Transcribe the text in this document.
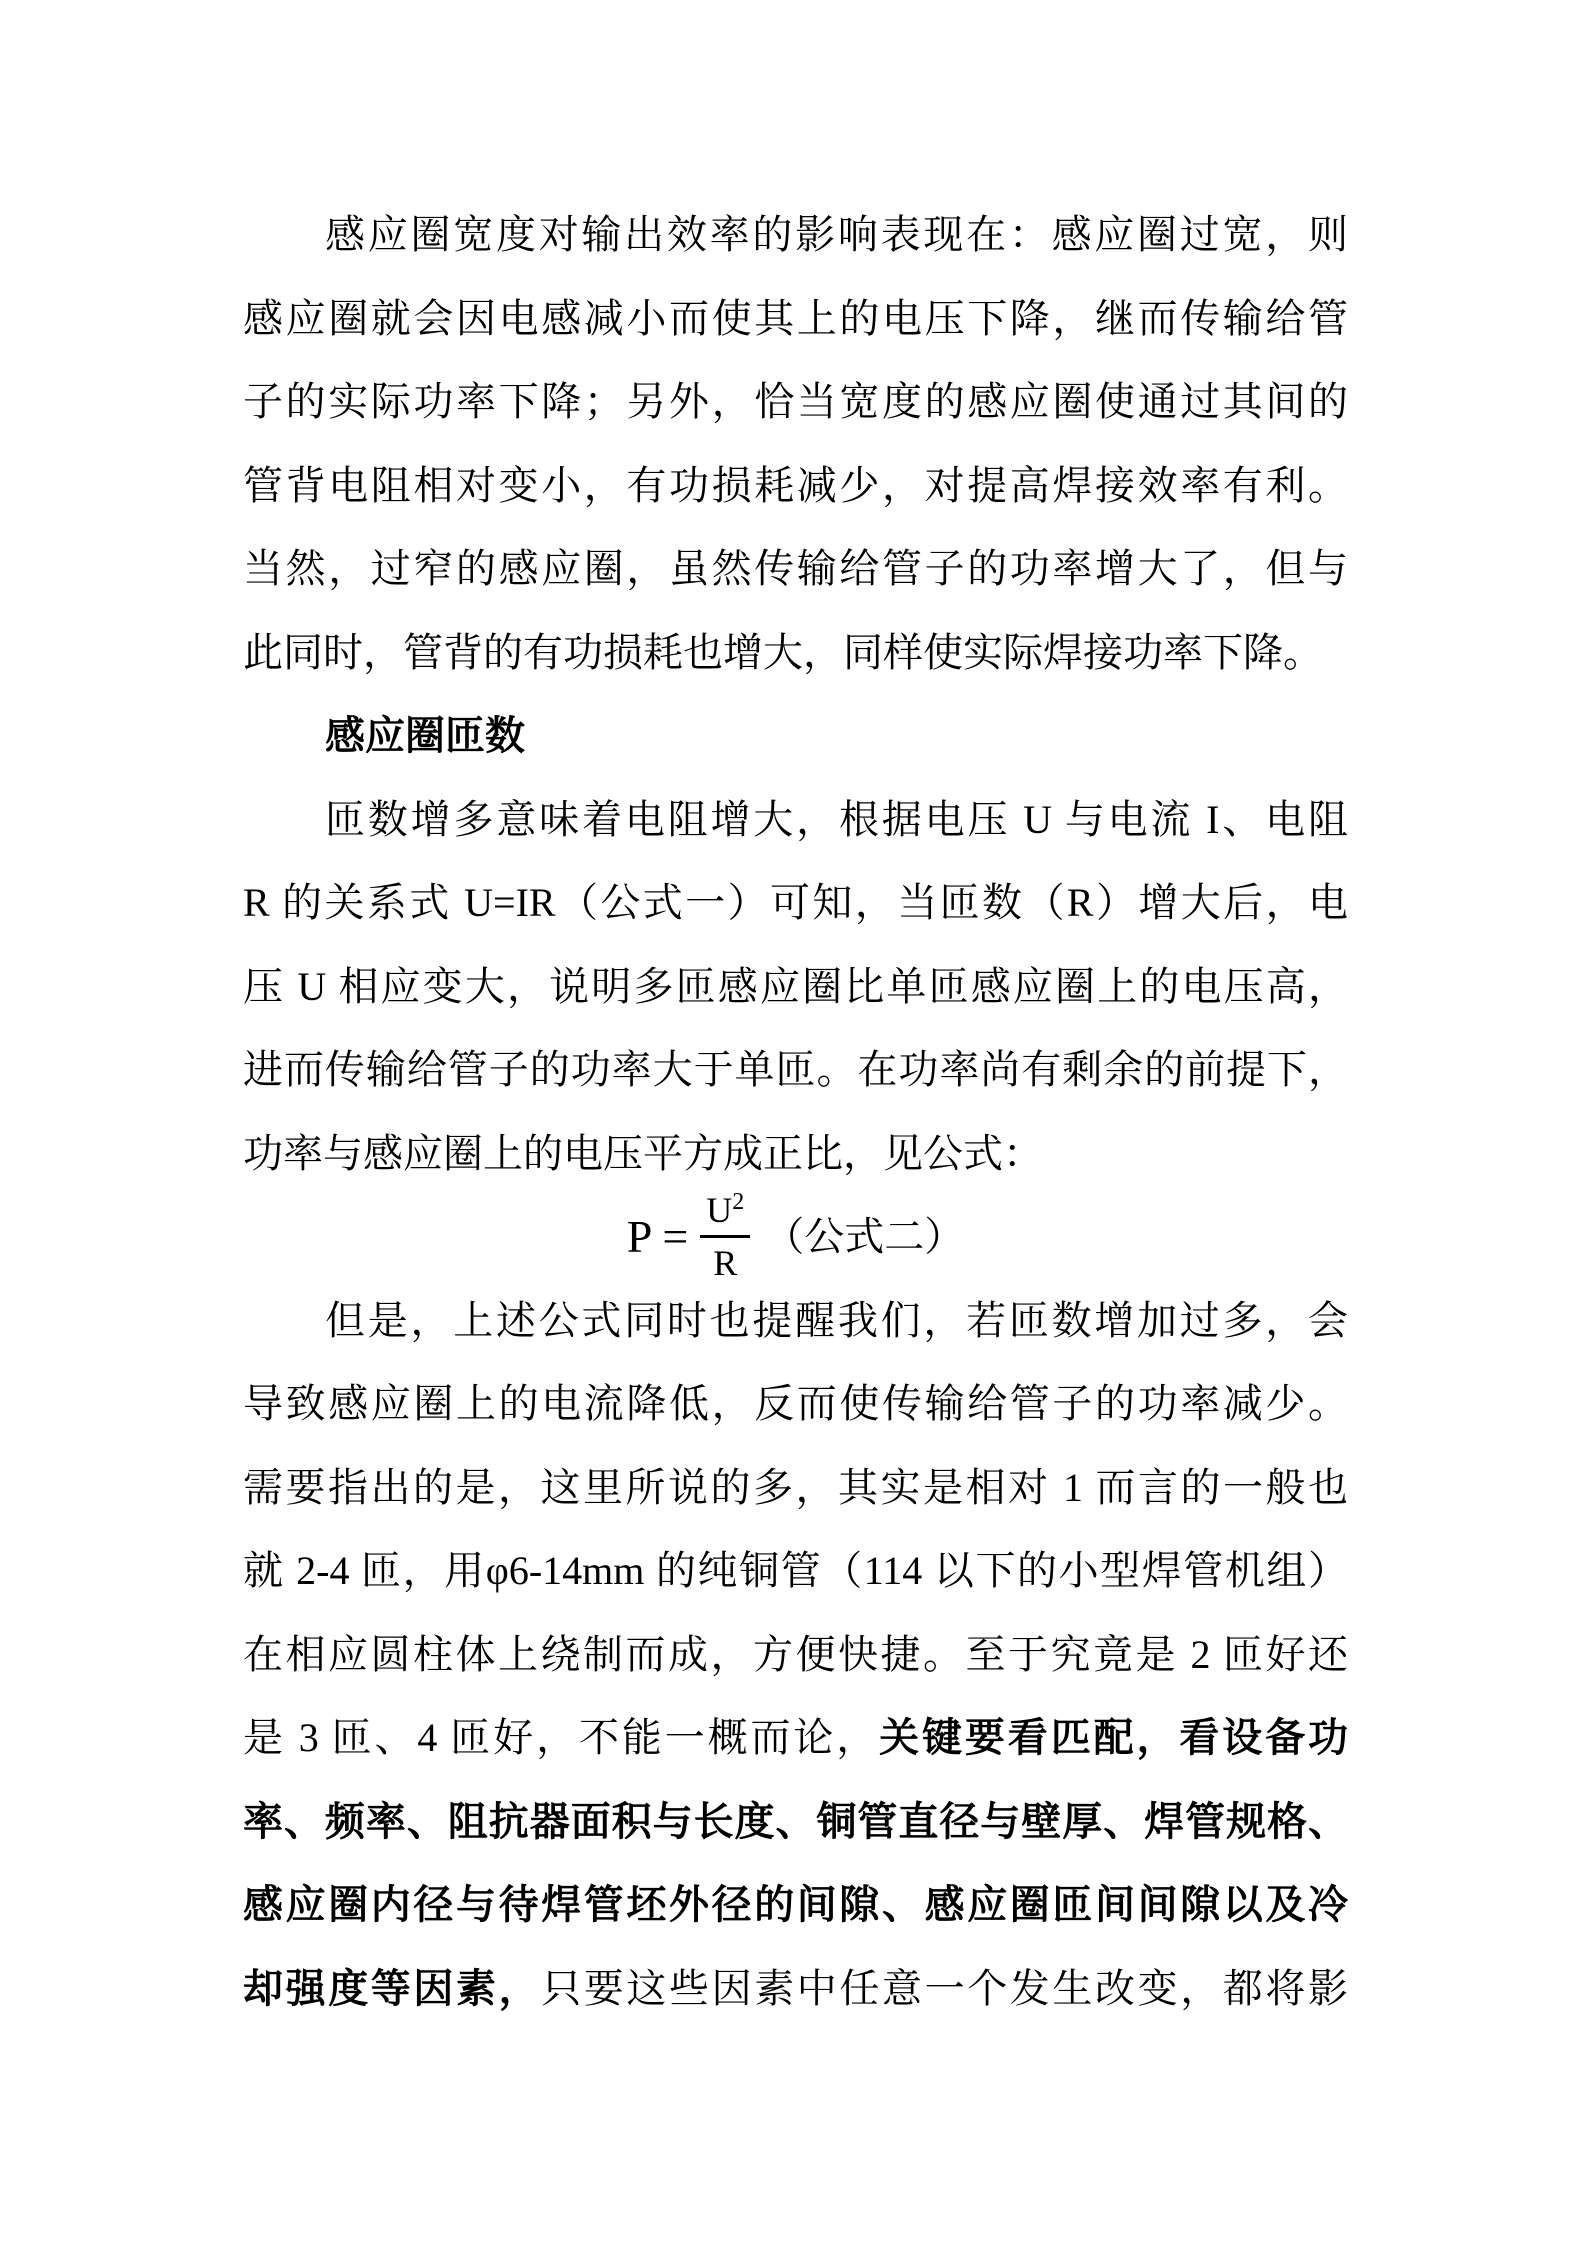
感应圈宽度对输出效率的影响表现在：感应圈过宽，则
感应圈就会因电感减小而使其上的电压下降，继而传输给管
子的实际功率下降；另外，恰当宽度的感应圈使通过其间的
管背电阻相对变小，有功损耗减少，对提高焊接效率有利。
当然，过窄的感应圈，虽然传输给管子的功率增大了，但与
此同时，管背的有功损耗也增大，同样使实际焊接功率下降。
感应圈匝数
匝数增多意味着电阻增大，根据电压 U 与电流 I、电阻
R 的关系式 U=IR（公式一）可知，当匝数（R）增大后，电
压 U 相应变大，说明多匝感应圈比单匝感应圈上的电压高，
进而传输给管子的功率大于单匝。在功率尚有剩余的前提下，
功率与感应圈上的电压平方成正比，见公式：
$P = \frac{U^2}{R}$ （公式二）
但是，上述公式同时也提醒我们，若匝数增加过多，会
导致感应圈上的电流降低，反而使传输给管子的功率减少。
需要指出的是，这里所说的多，其实是相对 1 而言的一般也
就 2-4 匝，用φ6-14mm 的纯铜管（114 以下的小型焊管机组）
在相应圆柱体上绕制而成，方便快捷。至于究竟是 2 匝好还
是 3 匝、4 匝好，不能一概而论，关键要看匹配，看设备功
率、频率、阻抗器面积与长度、铜管直径与壁厚、焊管规格、
感应圈内径与待焊管坯外径的间隙、感应圈匝间间隙以及冷
却强度等因素，只要这些因素中任意一个发生改变，都将影
